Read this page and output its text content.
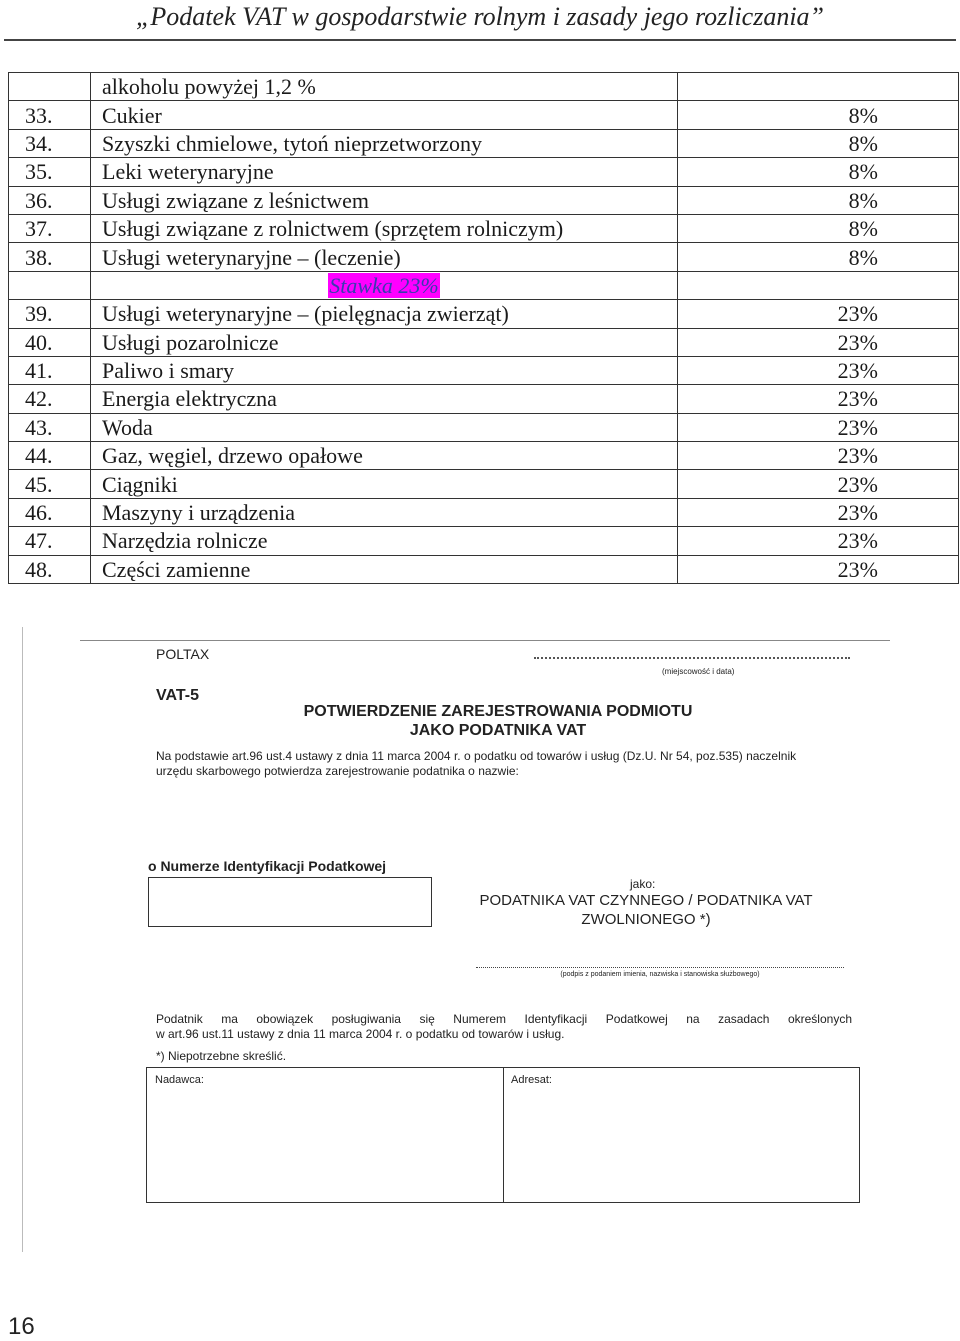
„Podatek VAT w gospodarstwie rolnym i zasady jego rozliczania”
	alkoholu powyżej 1,2 %	
33.	Cukier	8%
34.	Szyszki chmielowe, tytoń nieprzetworzony	8%
35.	Leki weterynaryjne	8%
36.	Usługi związane z leśnictwem	8%
37.	Usługi związane z rolnictwem (sprzętem rolniczym)	8%
38.	Usługi weterynaryjne – (leczenie)	8%
	Stawka 23%	
39.	Usługi weterynaryjne – (pielęgnacja zwierząt)	23%
40.	Usługi pozarolnicze	23%
41.	Paliwo i smary	23%
42.	Energia elektryczna	23%
43.	Woda	23%
44.	Gaz, węgiel, drzewo opałowe	23%
45.	Ciągniki	23%
46.	Maszyny i urządzenia	23%
47.	Narzędzia rolnicze	23%
48.	Części zamienne	23%
POLTAX
(miejscowość i data)
VAT-5
POTWIERDZENIE ZAREJESTROWANIA PODMIOTU
JAKO PODATNIKA VAT
Na podstawie art.96 ust.4 ustawy z dnia 11 marca 2004 r. o podatku od towarów i usług (Dz.U. Nr 54, poz.535) naczelnik
urzędu skarbowego potwierdza zarejestrowanie podatnika o nazwie:
o Numerze Identyfikacji Podatkowej
jako:
PODATNIKA VAT CZYNNEGO / PODATNIKA VAT
ZWOLNIONEGO *)
(podpis z podaniem imienia, nazwiska i stanowiska służbowego)
Podatnik ma obowiązek posługiwania się Numerem Identyfikacji Podatkowej na zasadach określonych
w art.96 ust.11 ustawy z dnia 11 marca 2004 r. o podatku od towarów i usług.
*) Niepotrzebne skreślić.
Nadawca:	Adresat:
16
